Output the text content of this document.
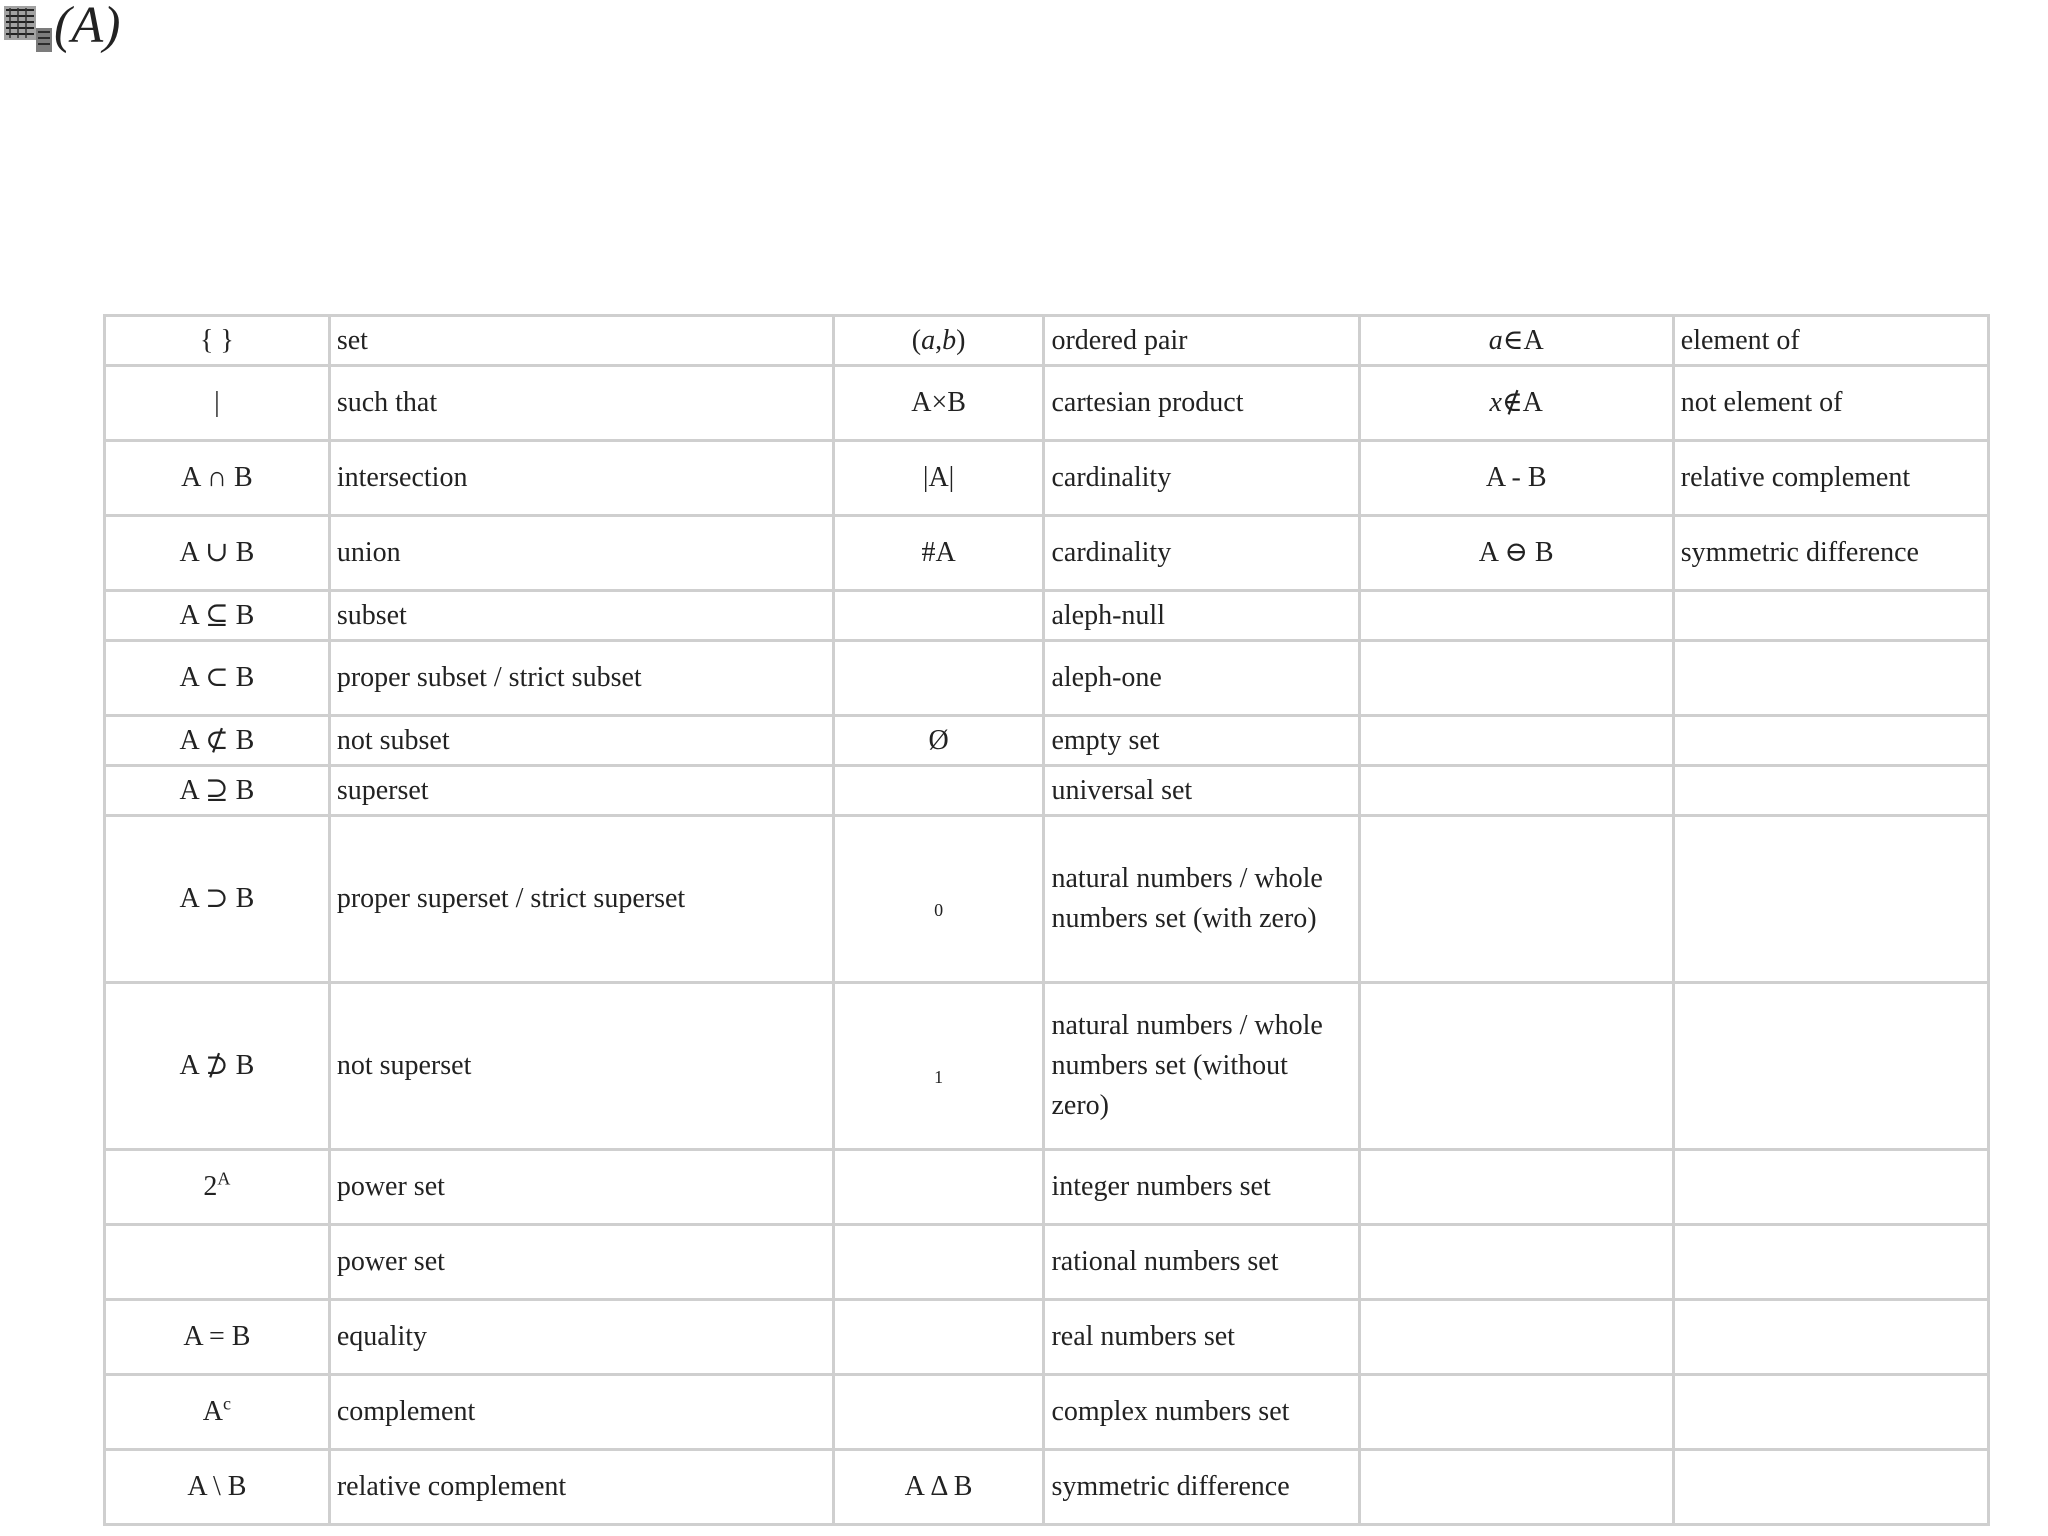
(A)
{ }	set	(a,b)	ordered pair	a∈A	element of
|	such that	A×B	cartesian product	x∉A	not element of
A ∩ B	intersection	|A|	cardinality	A - B	relative complement
A ∪ B	union	#A	cardinality	A ⊖ B	symmetric difference
A ⊆ B	subset		aleph-null		
A ⊂ B	proper subset / strict subset		aleph-one		
A ⊄ B	not subset	Ø	empty set		
A ⊇ B	superset		universal set		
A ⊃ B	proper superset / strict superset	$_0$	natural numbers / whole numbers set (with zero)		
A ⊅ B	not superset	$_1$	natural numbers / whole numbers set (without zero)		
$2^A$	power set		integer numbers set		
	power set		rational numbers set		
A = B	equality		real numbers set		
$A^c$	complement		complex numbers set		
A \ B	relative complement	A Δ B	symmetric difference		
